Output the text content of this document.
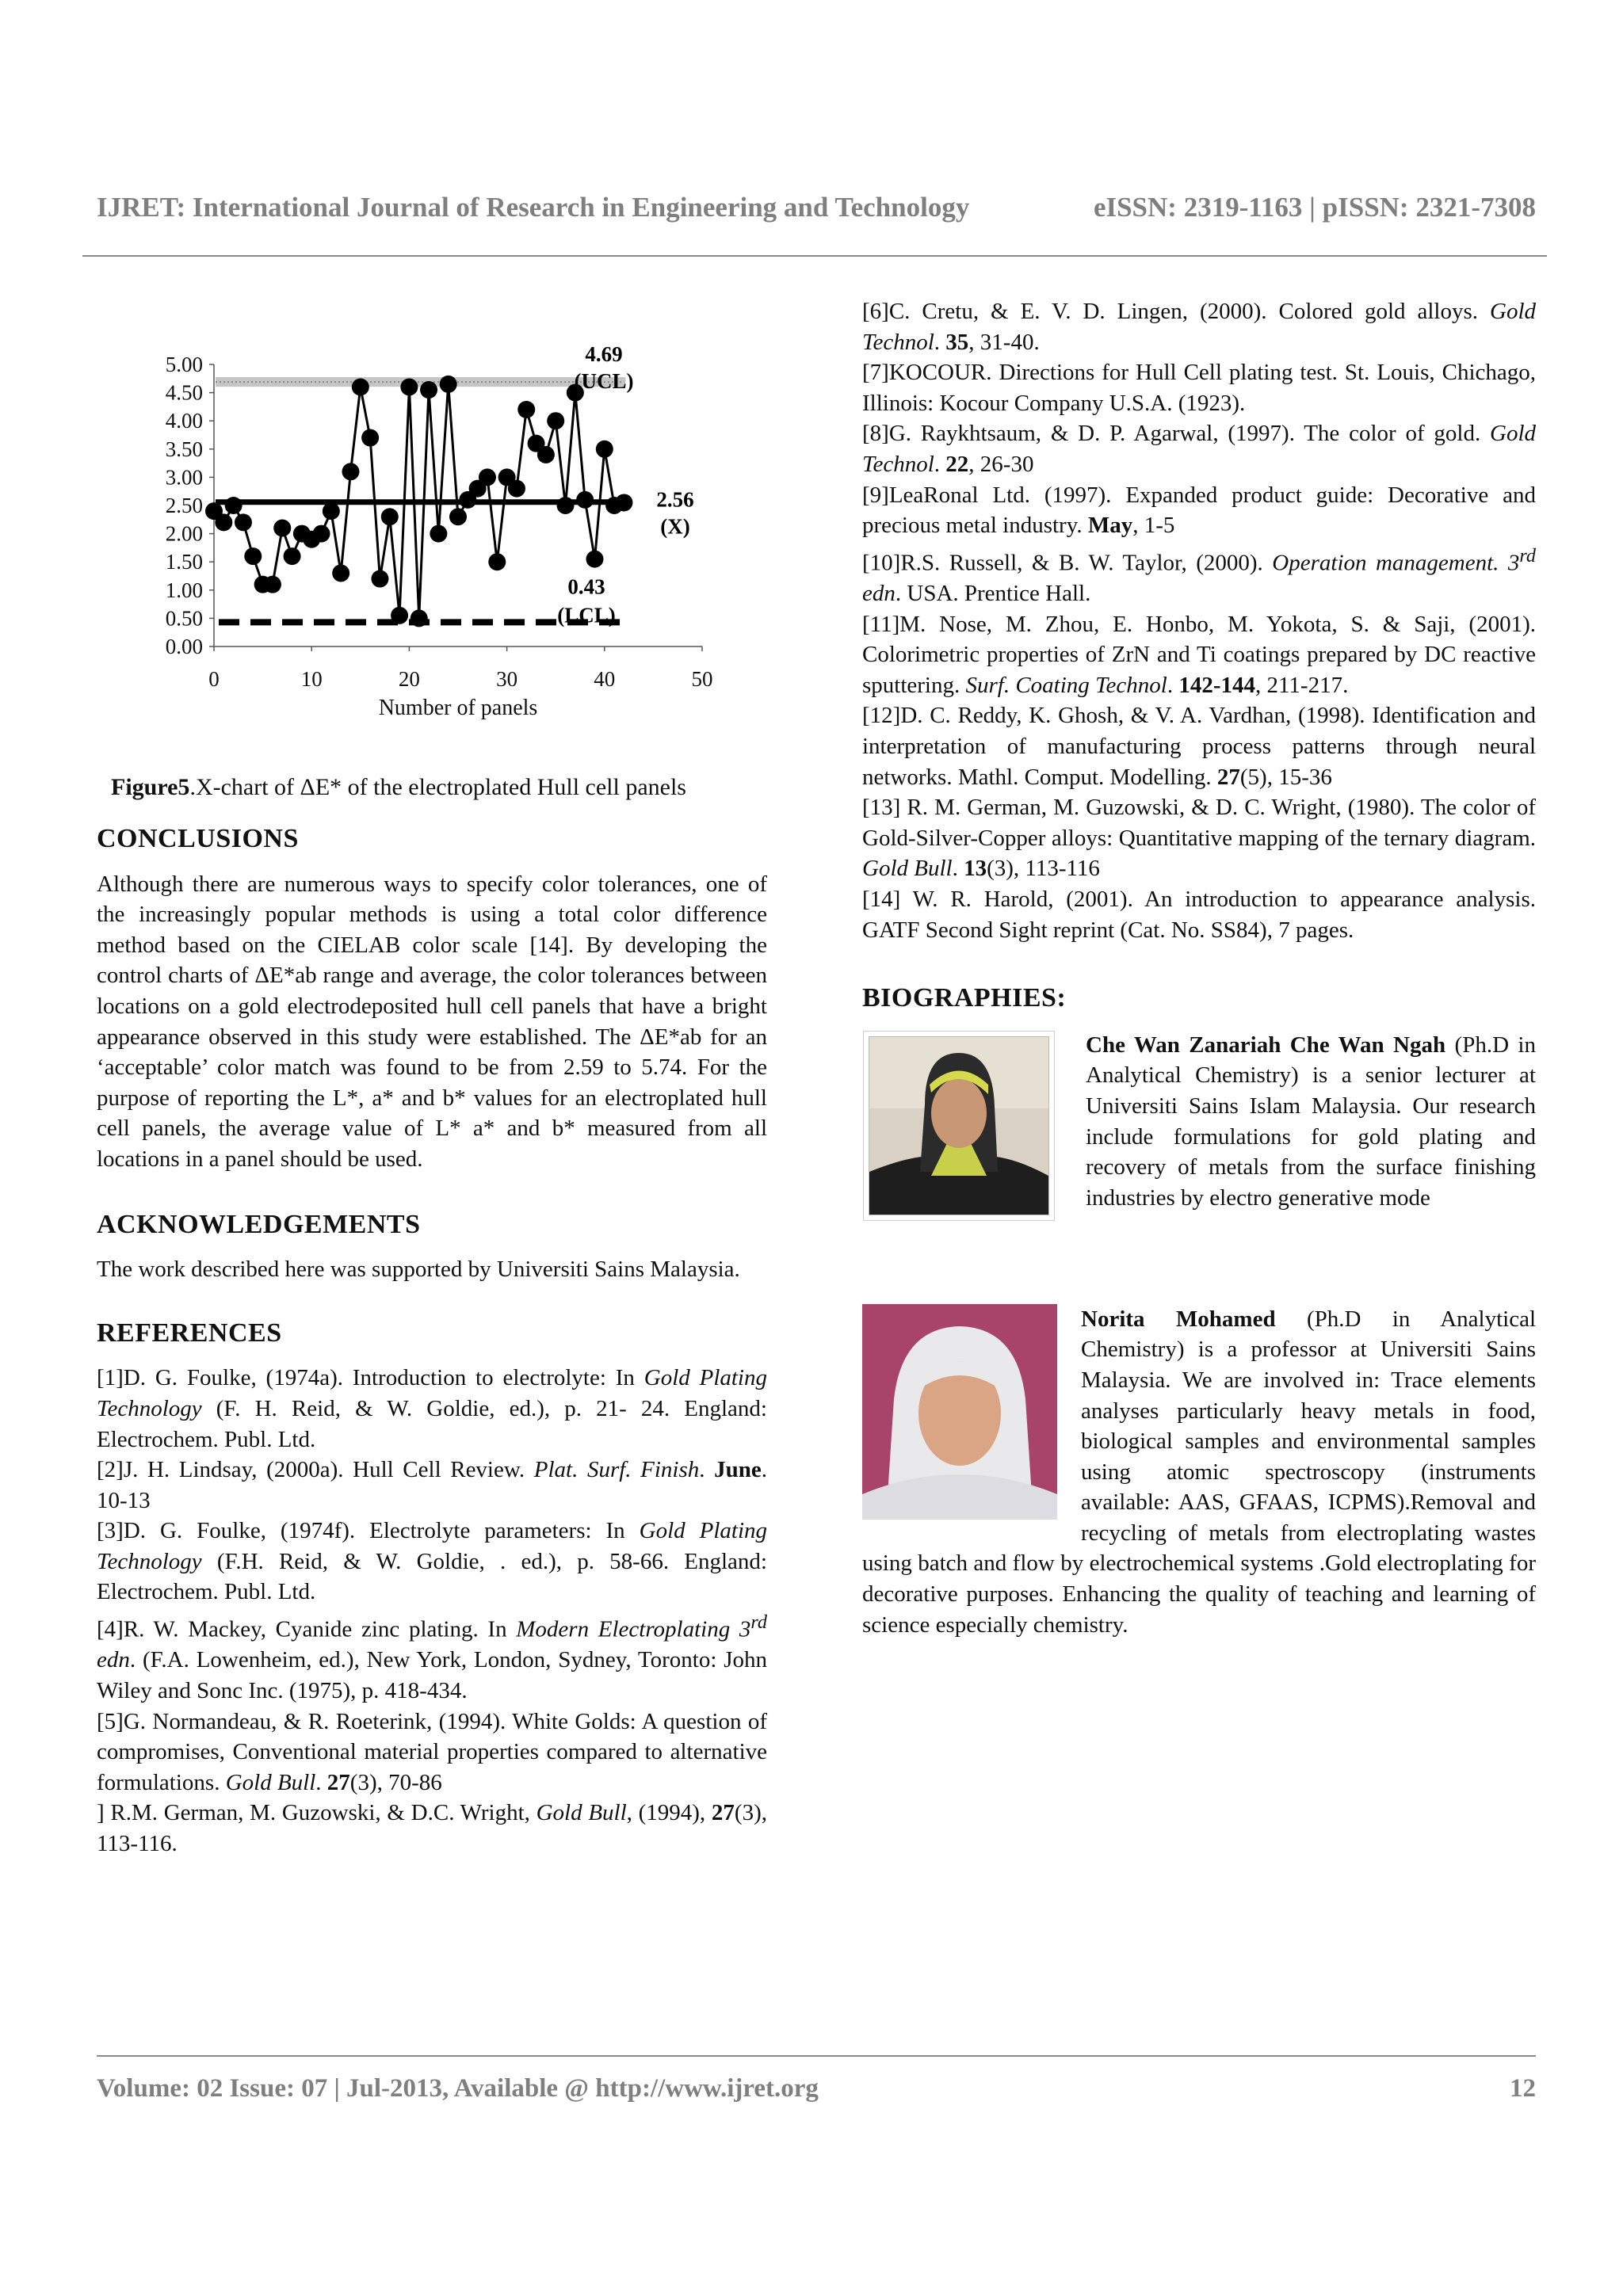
IJRET: International Journal of Research in Engineering and Technology	eISSN: 2319-1163 | pISSN: 2321-7308
0.00
0.50
1.00
1.50
2.00
2.50
3.00
3.50
4.00
4.50
5.00
0	10	20	30	40	50
Number of panels
4.69
(UCL)
2.56
(X)
0.43
(LCL)
Figure5.X-chart of ΔE* of the electroplated Hull cell panels
CONCLUSIONS

Although there are numerous ways to specify color tolerances, one of the increasingly popular methods is using a total color difference method based on the CIELAB color scale [14]. By developing the control charts of ΔE*ab range and average, the color tolerances between locations on a gold electrodeposited hull cell panels that have a bright appearance observed in this study were established. The ΔE*ab for an ‘acceptable’ color match was found to be from 2.59 to 5.74. For the purpose of reporting the L*, a* and b* values for an electroplated hull cell panels, the average value of L* a* and b* measured from all locations in a panel should be used.

ACKNOWLEDGEMENTS

The work described here was supported by Universiti Sains Malaysia.

REFERENCES

[1]D. G. Foulke, (1974a). Introduction to electrolyte: In Gold Plating Technology (F. H. Reid, & W. Goldie, ed.), p. 21- 24. England: Electrochem. Publ. Ltd.

[2]J. H. Lindsay, (2000a). Hull Cell Review. Plat. Surf. Finish. June. 10-13

[3]D. G. Foulke, (1974f). Electrolyte parameters: In Gold Plating Technology (F.H. Reid, & W. Goldie, . ed.), p. 58-66. England: Electrochem. Publ. Ltd.

[4]R. W. Mackey, Cyanide zinc plating. In Modern Electroplating 3rd edn. (F.A. Lowenheim, ed.), New York, London, Sydney, Toronto: John Wiley and Sonc Inc. (1975), p. 418-434.

[5]G. Normandeau, & R. Roeterink, (1994). White Golds: A question of compromises, Conventional material properties compared to alternative formulations. Gold Bull. 27(3), 70-86

] R.M. German, M. Guzowski, & D.C. Wright, Gold Bull, (1994), 27(3), 113-116.

[6]C. Cretu, & E. V. D. Lingen, (2000). Colored gold alloys. Gold Technol. 35, 31-40.

[7]KOCOUR. Directions for Hull Cell plating test. St. Louis, Chichago, Illinois: Kocour Company U.S.A. (1923).

[8]G. Raykhtsaum, & D. P. Agarwal, (1997). The color of gold. Gold Technol. 22, 26-30

[9]LeaRonal Ltd. (1997). Expanded product guide: Decorative and precious metal industry. May, 1-5

[10]R.S. Russell, & B. W. Taylor, (2000). Operation management. 3rd edn. USA. Prentice Hall.

[11]M. Nose, M. Zhou, E. Honbo, M. Yokota, S. & Saji, (2001). Colorimetric properties of ZrN and Ti coatings prepared by DC reactive sputtering. Surf. Coating Technol. 142-144, 211-217.

[12]D. C. Reddy, K. Ghosh, & V. A. Vardhan, (1998). Identification and interpretation of manufacturing process patterns through neural networks. Mathl. Comput. Modelling. 27(5), 15-36

[13] R. M. German, M. Guzowski, & D. C. Wright, (1980). The color of Gold-Silver-Copper alloys: Quantitative mapping of the ternary diagram. Gold Bull. 13(3), 113-116

[14] W. R. Harold, (2001). An introduction to appearance analysis. GATF Second Sight reprint (Cat. No. SS84), 7 pages.

BIOGRAPHIES:
Che Wan Zanariah Che Wan Ngah (Ph.D in Analytical Chemistry) is a senior lecturer at Universiti Sains Islam Malaysia. Our research include formulations for gold plating and recovery of metals from the surface finishing industries by electro generative mode
Norita Mohamed (Ph.D in Analytical Chemistry) is a professor at Universiti Sains Malaysia. We are involved in: Trace elements analyses particularly heavy metals in food, biological samples and environmental samples using atomic spectroscopy (instruments available: AAS, GFAAS, ICPMS).Removal and recycling of metals from electroplating wastes using batch and flow by electrochemical systems .Gold electroplating for decorative purposes. Enhancing the quality of teaching and learning of science especially chemistry.
Volume: 02 Issue: 07 | Jul-2013, Available @ http://www.ijret.org	12
